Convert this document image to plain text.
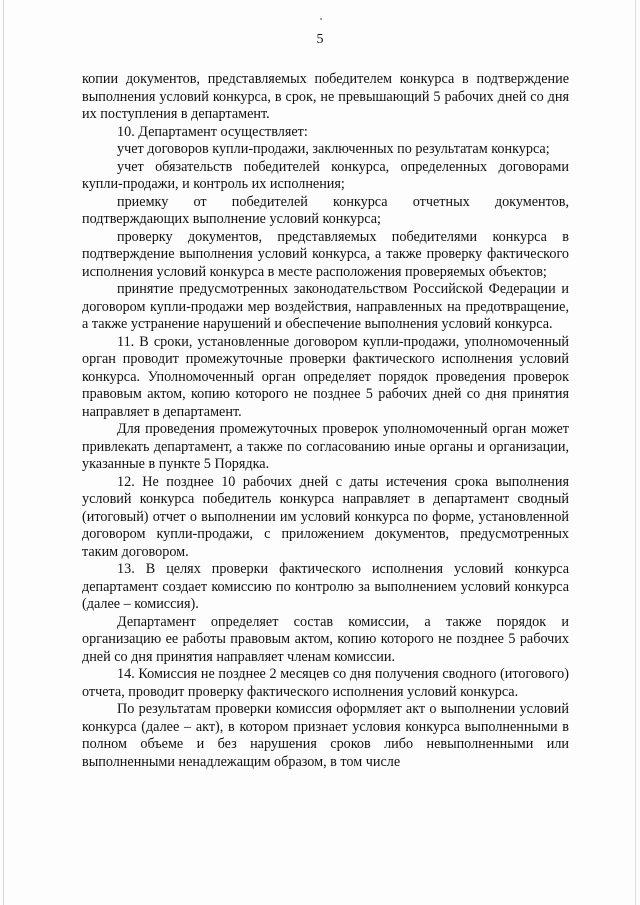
5

копии документов, представляемых победителем конкурса в подтверждение выполнения условий конкурса, в срок, не превышающий 5 рабочих дней со дня их поступления в департамент.

10. Департамент осуществляет:

учет договоров купли-продажи, заключенных по результатам конкурса;

учет обязательств победителей конкурса, определенных договорами купли-продажи, и контроль их исполнения;

приемку от победителей конкурса отчетных документов, подтверждающих выполнение условий конкурса;

проверку документов, представляемых победителями конкурса в подтверждение выполнения условий конкурса, а также проверку фактического исполнения условий конкурса в месте расположения проверяемых объектов;

принятие предусмотренных законодательством Российской Федерации и договором купли-продажи мер воздействия, направленных на предотвращение, а также устранение нарушений и обеспечение выполнения условий конкурса.

11. В сроки, установленные договором купли-продажи, уполномоченный орган проводит промежуточные проверки фактического исполнения условий конкурса. Уполномоченный орган определяет порядок проведения проверок правовым актом, копию которого не позднее 5 рабочих дней со дня принятия направляет в департамент.

Для проведения промежуточных проверок уполномоченный орган может привлекать департамент, а также по согласованию иные органы и организации, указанные в пункте 5 Порядка.

12. Не позднее 10 рабочих дней с даты истечения срока выполнения условий конкурса победитель конкурса направляет в департамент сводный (итоговый) отчет о выполнении им условий конкурса по форме, установленной договором купли-продажи, с приложением документов, предусмотренных таким договором.

13. В целях проверки фактического исполнения условий конкурса департамент создает комиссию по контролю за выполнением условий конкурса (далее – комиссия).

Департамент определяет состав комиссии, а также порядок и организацию ее работы правовым актом, копию которого не позднее 5 рабочих дней со дня принятия направляет членам комиссии.

14. Комиссия не позднее 2 месяцев со дня получения сводного (итогового) отчета, проводит проверку фактического исполнения условий конкурса.

По результатам проверки комиссия оформляет акт о выполнении условий конкурса (далее – акт), в котором признает условия конкурса выполненными в полном объеме и без нарушения сроков либо невыполненными или выполненными ненадлежащим образом, в том числе
